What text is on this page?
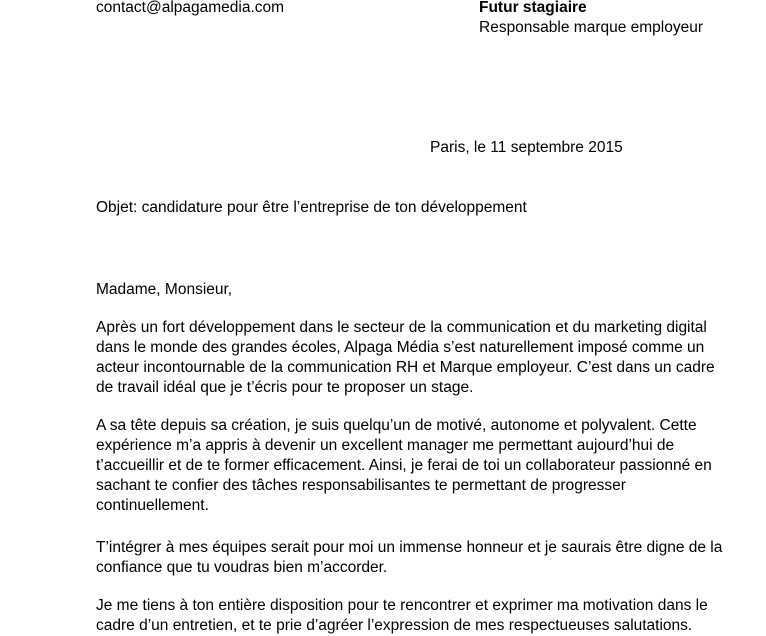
contact@alpagamedia.com	Futur stagiaire
Responsable marque employeur
Paris, le 11 septembre 2015
Objet: candidature pour être l’entreprise de ton développement
Madame, Monsieur,
Après un fort développement dans le secteur de la communication et du marketing digital
dans le monde des grandes écoles, Alpaga Média s’est naturellement imposé comme un
acteur incontournable de la communication RH et Marque employeur. C’est dans un cadre
de travail idéal que je t’écris pour te proposer un stage.
A sa tête depuis sa création, je suis quelqu’un de motivé, autonome et polyvalent. Cette
expérience m’a appris à devenir un excellent manager me permettant aujourd’hui de
t’accueillir et de te former efficacement. Ainsi, je ferai de toi un collaborateur passionné en
sachant te confier des tâches responsabilisantes te permettant de progresser
continuellement.
T’intégrer à mes équipes serait pour moi un immense honneur et je saurais être digne de la
confiance que tu voudras bien m’accorder.
Je me tiens à ton entière disposition pour te rencontrer et exprimer ma motivation dans le
cadre d’un entretien, et te prie d’agréer l’expression de mes respectueuses salutations.
